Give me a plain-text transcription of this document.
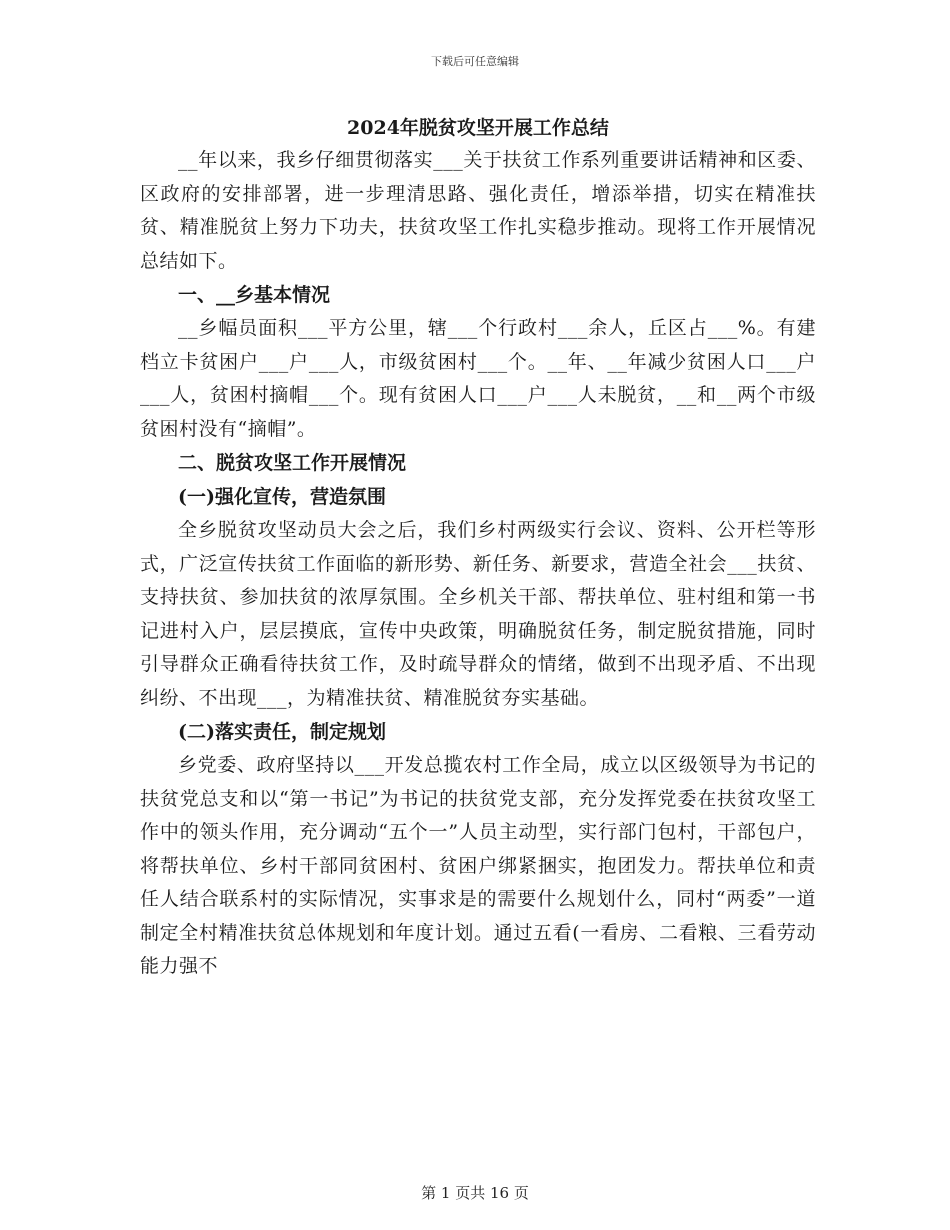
下载后可任意编辑
2024年脱贫攻坚开展工作总结

__年以来，我乡仔细贯彻落实___关于扶贫工作系列重要讲话精神和区委、区政府的安排部署，进一步理清思路、强化责任，增添举措，切实在精准扶贫、精准脱贫上努力下功夫，扶贫攻坚工作扎实稳步推动。现将工作开展情况总结如下。

一、__乡基本情况

__乡幅员面积___平方公里，辖___个行政村___余人，丘区占___%。有建档立卡贫困户___户___人，市级贫困村___个。__年、__年减少贫困人口___户___人，贫困村摘帽___个。现有贫困人口___户___人未脱贫，__和__两个市级贫困村没有“摘帽”。

二、脱贫攻坚工作开展情况

(一)强化宣传，营造氛围

全乡脱贫攻坚动员大会之后，我们乡村两级实行会议、资料、公开栏等形式，广泛宣传扶贫工作面临的新形势、新任务、新要求，营造全社会___扶贫、支持扶贫、参加扶贫的浓厚氛围。全乡机关干部、帮扶单位、驻村组和第一书记进村入户，层层摸底，宣传中央政策，明确脱贫任务，制定脱贫措施，同时引导群众正确看待扶贫工作，及时疏导群众的情绪，做到不出现矛盾、不出现纠纷、不出现___，为精准扶贫、精准脱贫夯实基础。

(二)落实责任，制定规划

乡党委、政府坚持以___开发总揽农村工作全局，成立以区级领导为书记的扶贫党总支和以“第一书记”为书记的扶贫党支部，充分发挥党委在扶贫攻坚工作中的领头作用，充分调动“五个一”人员主动型，实行部门包村，干部包户，将帮扶单位、乡村干部同贫困村、贫困户绑紧捆实，抱团发力。帮扶单位和责任人结合联系村的实际情况，实事求是的需要什么规划什么，同村“两委”一道制定全村精准扶贫总体规划和年度计划。通过五看(一看房、二看粮、三看劳动能力强不

第 1 页共 16 页
